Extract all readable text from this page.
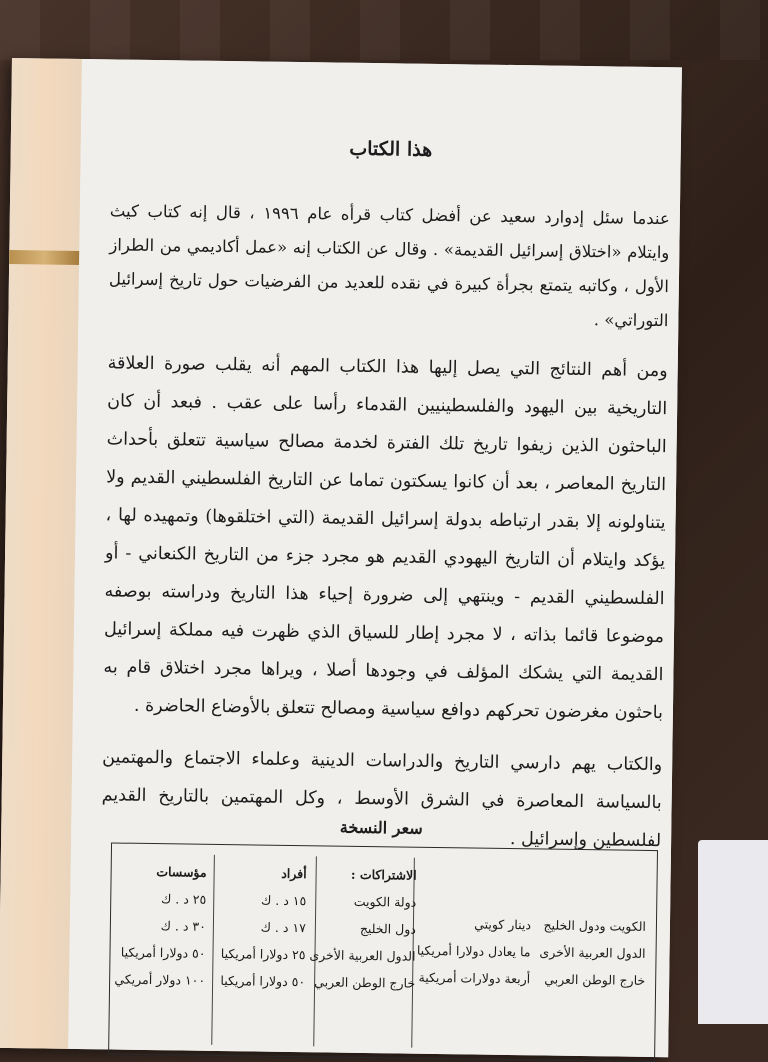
هذا الكتاب

عندما سئل إدوارد سعيد عن أفضل كتاب قرأه عام ١٩٩٦ ، قال إنه كتاب كيث وايتلام «اختلاق إسرائيل القديمة» . وقال عن الكتاب إنه «عمل أكاديمي من الطراز الأول ، وكاتبه يتمتع بجرأة كبيرة في نقده للعديد من الفرضيات حول تاريخ إسرائيل التوراتي» .

ومن أهم النتائج التي يصل إليها هذا الكتاب المهم أنه يقلب صورة العلاقة التاريخية بين اليهود والفلسطينيين القدماء رأسا على عقب . فبعد أن كان الباحثون الذين زيفوا تاريخ تلك الفترة لخدمة مصالح سياسية تتعلق بأحداث التاريخ المعاصر ، بعد أن كانوا يسكتون تماما عن التاريخ الفلسطيني القديم ولا يتناولونه إلا بقدر ارتباطه بدولة إسرائيل القديمة (التي اختلقوها) وتمهيده لها ، يؤكد وايتلام أن التاريخ اليهودي القديم هو مجرد جزء من التاريخ الكنعاني - أو الفلسطيني القديم - وينتهي إلى ضرورة إحياء هذا التاريخ ودراسته بوصفه موضوعا قائما بذاته ، لا مجرد إطار للسياق الذي ظهرت فيه مملكة إسرائيل القديمة التي يشكك المؤلف في وجودها أصلا ، ويراها مجرد اختلاق قام به باحثون مغرضون تحركهم دوافع سياسية ومصالح تتعلق بالأوضاع الحاضرة .

والكتاب يهم دارسي التاريخ والدراسات الدينية وعلماء الاجتماع والمهتمين بالسياسة المعاصرة في الشرق الأوسط ، وكل المهتمين بالتاريخ القديم لفلسطين وإسرائيل .

سعر النسخة
الكويت ودول الخليج
الدول العربية الأخرى
خارج الوطن العربي
دينار كويتي
ما يعادل دولارا أمريكيا
أربعة دولارات أمريكية
الاشتراكات :
دولة الكويت
دول الخليج
الدول العربية الأخرى
خارج الوطن العربي
أفراد
١٥ د . ك
١٧ د . ك
٢٥ دولارا أمريكيا
٥٠ دولارا أمريكيا
مؤسسات
٢٥ د . ك
٣٠ د . ك
٥٠ دولارا أمريكيا
١٠٠ دولار أمريكي
